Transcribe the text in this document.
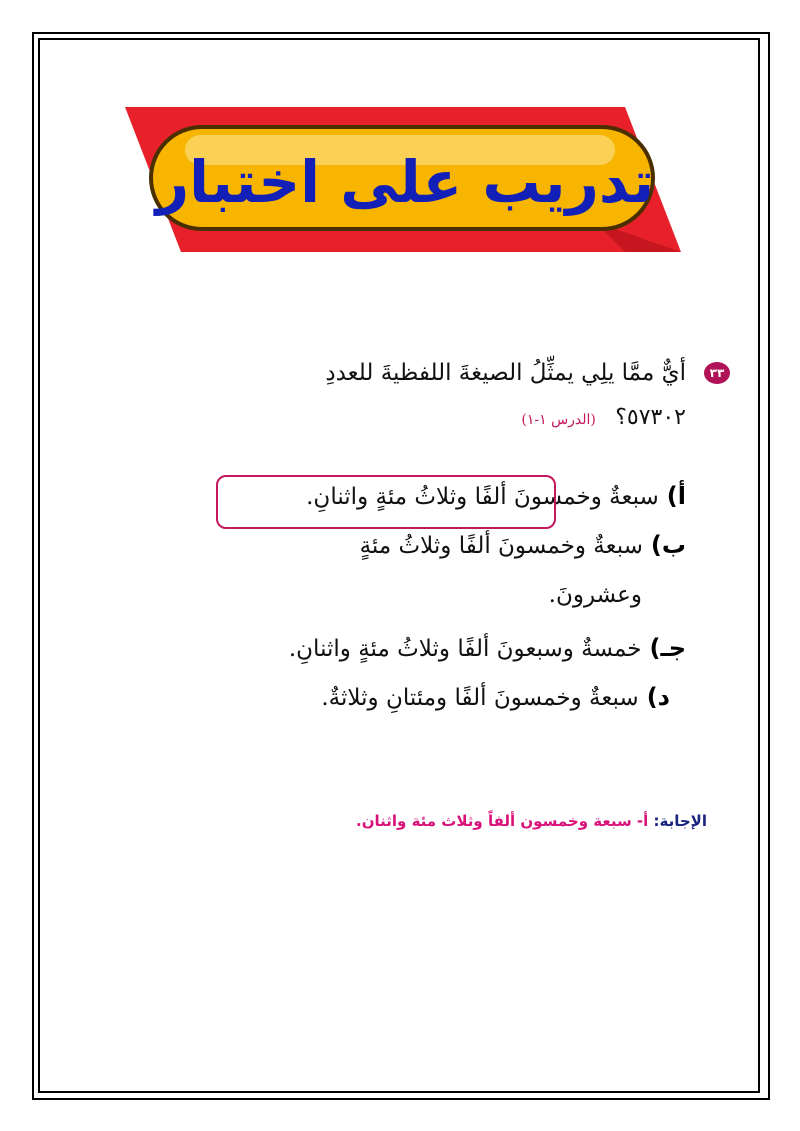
تدريب على اختبار
٣٣
أيٌّ ممَّا يلِي يمثِّلُ الصيغةَ اللفظيةَ للعددِ
٥٧٣٠٢؟ (الدرس ١-١)
أ)سبعةٌ وخمسونَ ألفًا وثلاثُ مئةٍ واثنانِ.
ب)سبعةٌ وخمسونَ ألفًا وثلاثُ مئةٍ
وعشرونَ.
جـ)خمسةٌ وسبعونَ ألفًا وثلاثُ مئةٍ واثنانِ.
د)سبعةٌ وخمسونَ ألفًا ومئتانِ وثلاثةٌ.
الإجابة: أ- سبعة وخمسون ألفاً وثلاث مئة واثنان.
